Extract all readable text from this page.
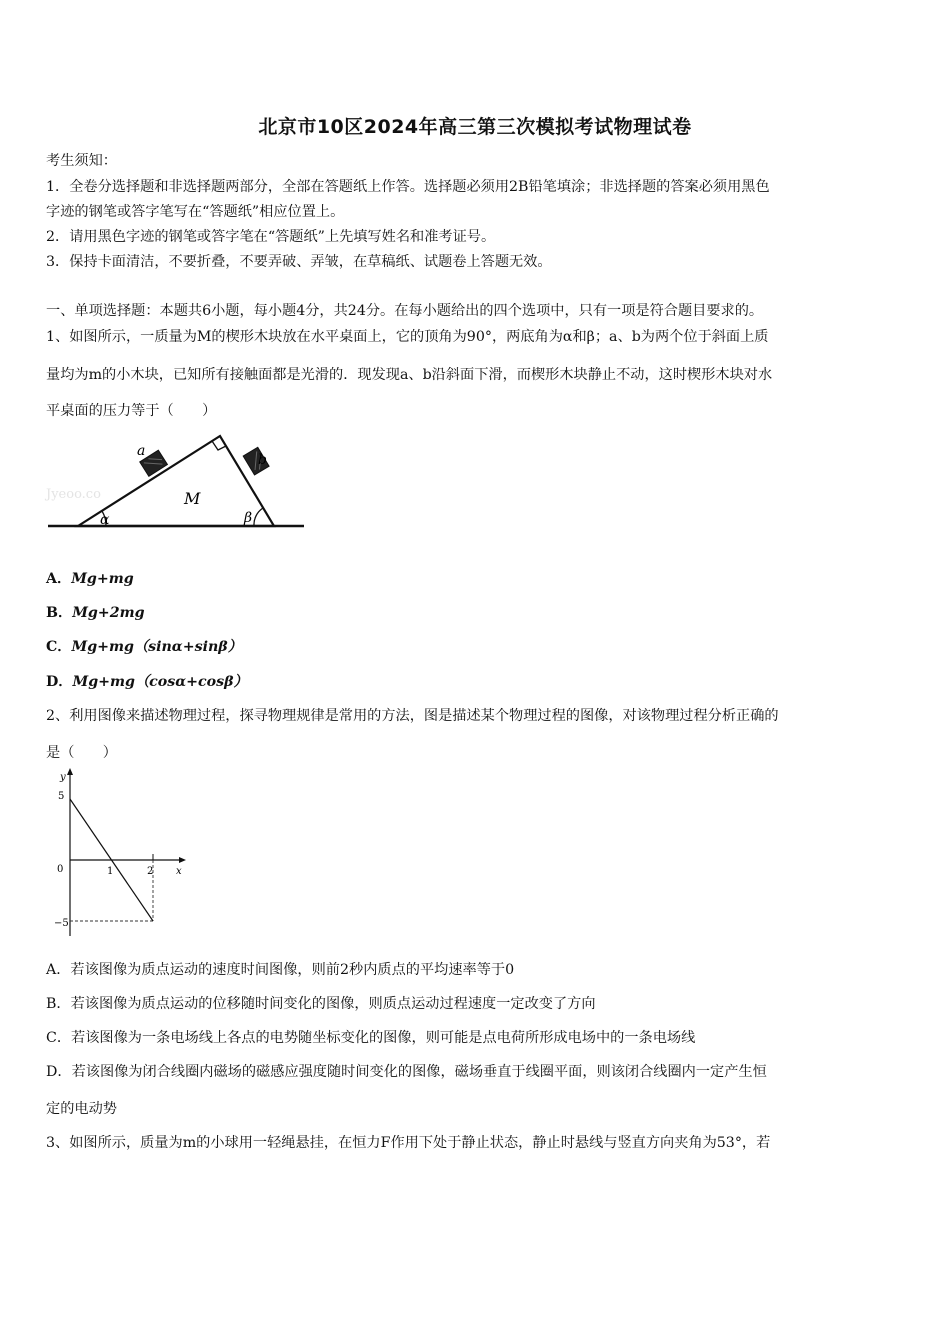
北京市10区2024年高三第三次模拟考试物理试卷
考生须知：
1．全卷分选择题和非选择题两部分，全部在答题纸上作答。选择题必须用2B铅笔填涂；非选择题的答案必须用黑色
字迹的钢笔或答字笔写在“答题纸”相应位置上。
2．请用黑色字迹的钢笔或答字笔在“答题纸”上先填写姓名和准考证号。
3．保持卡面清洁，不要折叠，不要弄破、弄皱，在草稿纸、试题卷上答题无效。
一、单项选择题：本题共6小题，每小题4分，共24分。在每小题给出的四个选项中，只有一项是符合题目要求的。
1、如图所示，一质量为M的楔形木块放在水平桌面上，它的顶角为90°，两底角为α和β；a、b为两个位于斜面上质
量均为m的小木块，已知所有接触面都是光滑的．现发现a、b沿斜面下滑，而楔形木块静止不动，这时楔形木块对水
平桌面的压力等于（　　）
Jyeoo.co
a
b
M
α	β
A．Mg+mg
B．Mg+2mg
C．Mg+mg（sinα+sinβ）
D．Mg+mg（cosα+cosβ）
2、利用图像来描述物理过程，探寻物理规律是常用的方法，图是描述某个物理过程的图像，对该物理过程分析正确的
是（　　）
y
x
0
5
−5
1	2
A．若该图像为质点运动的速度时间图像，则前2秒内质点的平均速率等于0
B．若该图像为质点运动的位移随时间变化的图像，则质点运动过程速度一定改变了方向
C．若该图像为一条电场线上各点的电势随坐标变化的图像，则可能是点电荷所形成电场中的一条电场线
D．若该图像为闭合线圈内磁场的磁感应强度随时间变化的图像，磁场垂直于线圈平面，则该闭合线圈内一定产生恒
定的电动势
3、如图所示，质量为m的小球用一轻绳悬挂，在恒力F作用下处于静止状态，静止时悬线与竖直方向夹角为53°，若
